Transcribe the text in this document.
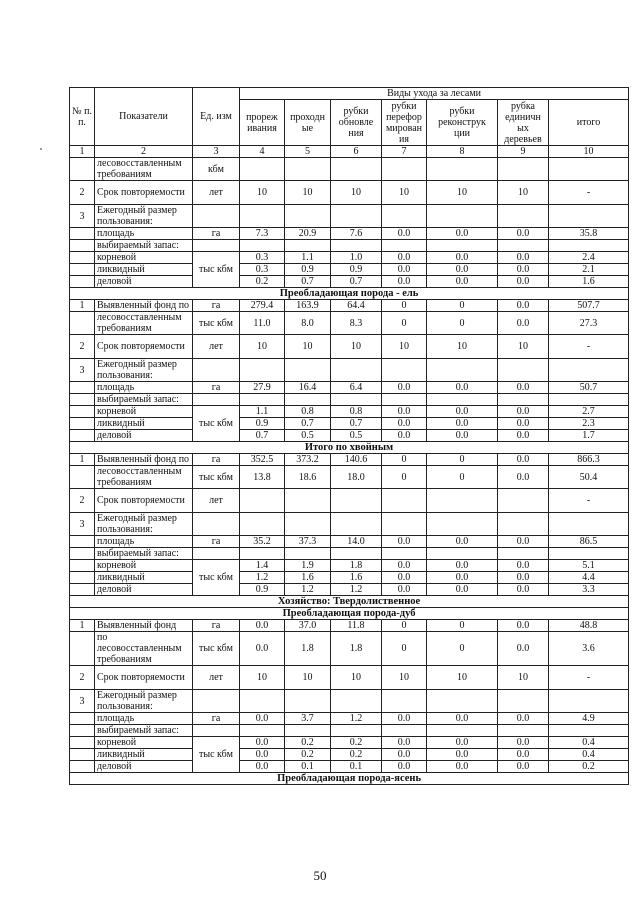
№ п. п.	Показатели	Ед. изм	Виды ухода за лесами						
			прореж ивания	проходн ые	рубки обновле ния	рубки перефор мирован ия	рубки реконструк ции	рубка единичн ых деревьев	итого
1	2	3	4	5	6	7	8	9	10
	лесовосставленным требованиям	кбм							
2	Срок повторяемости	лет	10	10	10	10	10	10	-
3	Ежегодный размер пользования:								
	площадь	га	7.3	20.9	7.6	0.0	0.0	0.0	35.8
	выбираемый запас:								
	корневой	тыс кбм	0.3	1.1	1.0	0.0	0.0	0.0	2.4
	ликвидный		0.3	0.9	0.9	0.0	0.0	0.0	2.1
	деловой		0.2	0.7	0.7	0.0	0.0	0.0	1.6
Преобладающая порода - ель									
1	Выявленный фонд по	га	279.4	163.9	64.4	0	0	0.0	507.7
	лесовосставленным требованиям	тыс кбм	11.0	8.0	8.3	0	0	0.0	27.3
2	Срок повторяемости	лет	10	10	10	10	10	10	-
3	Ежегодный размер пользования:								
	площадь	га	27.9	16.4	6.4	0.0	0.0	0.0	50.7
	выбираемый запас:								
	корневой	тыс кбм	1.1	0.8	0.8	0.0	0.0	0.0	2.7
	ликвидный		0.9	0.7	0.7	0.0	0.0	0.0	2.3
	деловой		0.7	0.5	0.5	0.0	0.0	0.0	1.7
Итого по хвойным									
1	Выявленный фонд по	га	352.5	373.2	140.6	0	0	0.0	866.3
	лесовосставленным требованиям	тыс кбм	13.8	18.6	18.0	0	0	0.0	50.4
2	Срок повторяемости	лет							-
3	Ежегодный размер пользования:								
	площадь	га	35.2	37.3	14.0	0.0	0.0	0.0	86.5
	выбираемый запас:								
	корневой	тыс кбм	1.4	1.9	1.8	0.0	0.0	0.0	5.1
	ликвидный		1.2	1.6	1.6	0.0	0.0	0.0	4.4
	деловой		0.9	1.2	1.2	0.0	0.0	0.0	3.3
Хозяйство: Твердолиственное									
Преобладающая порода-дуб									
1	Выявленный фонд	га	0.0	37.0	11.8	0	0	0.0	48.8
	по лесовосставленным требованиям	тыс кбм	0.0	1.8	1.8	0	0	0.0	3.6
2	Срок повторяемости	лет	10	10	10	10	10	10	-
3	Ежегодный размер пользования:								
	площадь	га	0.0	3.7	1.2	0.0	0.0	0.0	4.9
	выбираемый запас:								
	корневой	тыс кбм	0.0	0.2	0.2	0.0	0.0	0.0	0.4
	ликвидный		0.0	0.2	0.2	0.0	0.0	0.0	0.4
	деловой		0.0	0.1	0.1	0.0	0.0	0.0	0.2
Преобладающая порода-ясень									
50
